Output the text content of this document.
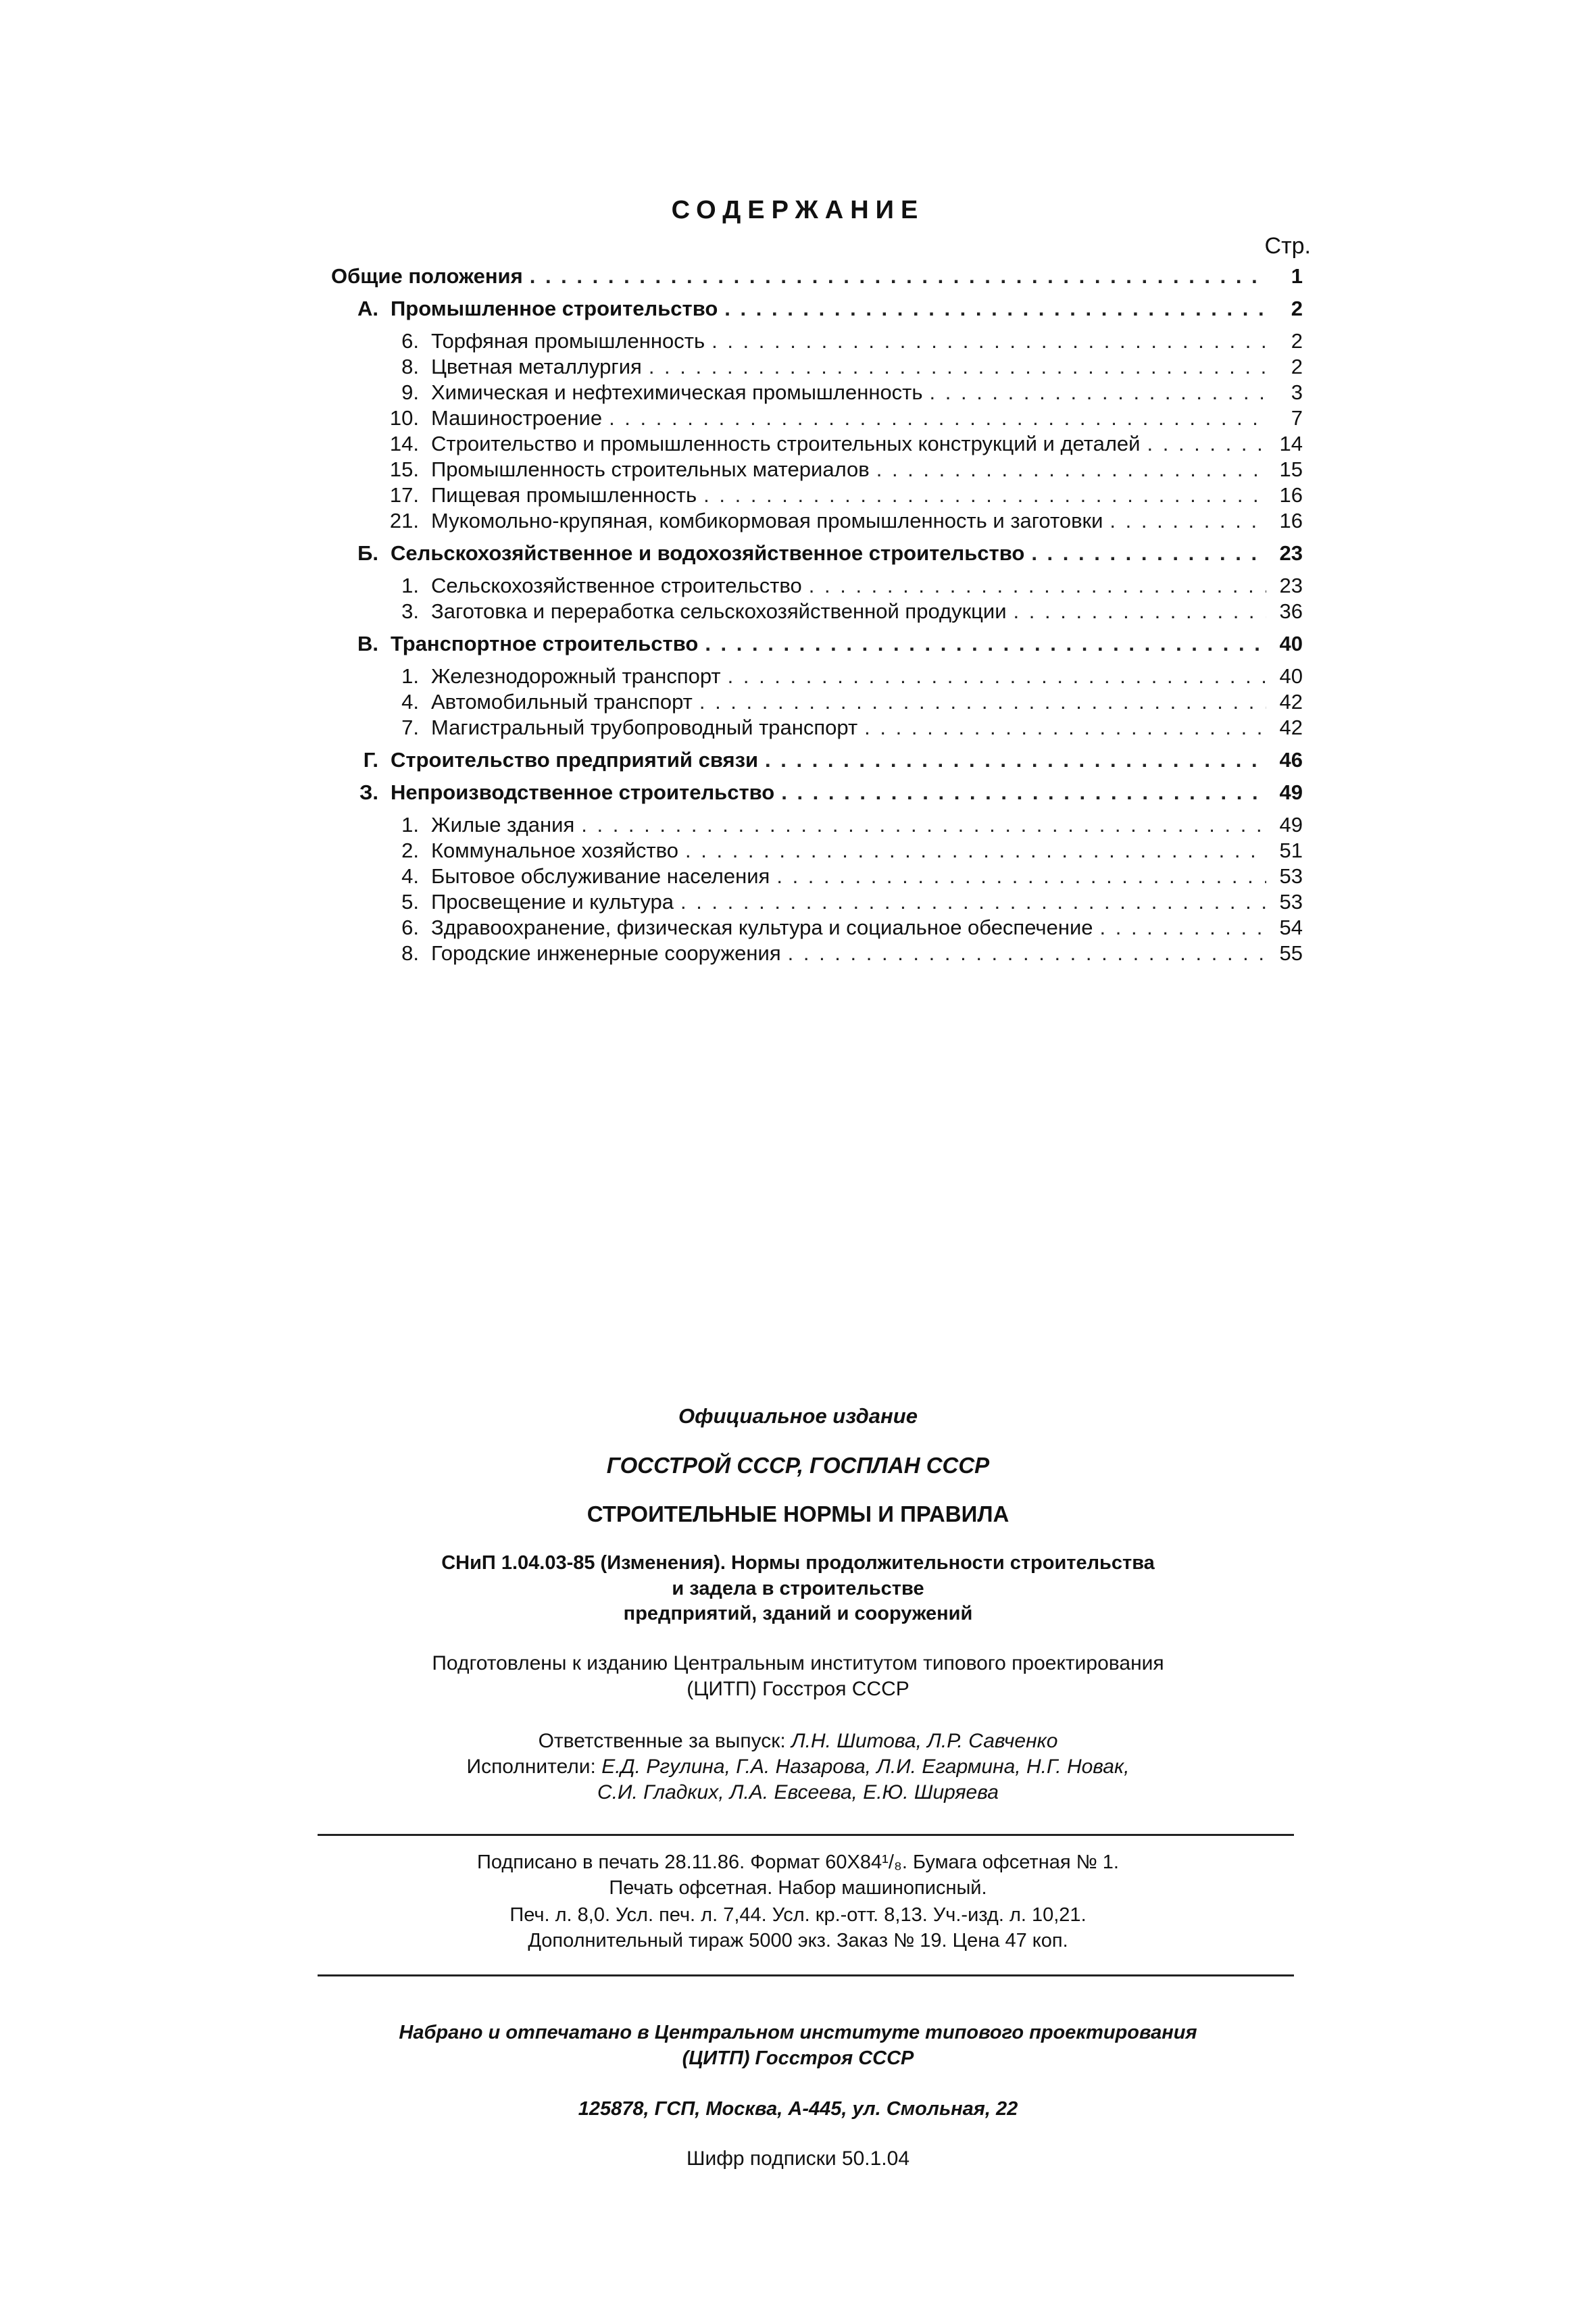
СОДЕРЖАНИЕ
Стр.
Общие положения . . .	1
А. Промышленное строительство . . .	2
6. Торфяная промышленность . . .	2
8. Цветная металлургия . . .	2
9. Химическая и нефтехимическая промышленность . . .	3
10. Машиностроение . . .	7
14. Строительство и промышленность строительных конструкций и деталей . . .	14
15. Промышленность строительных материалов . . .	15
17. Пищевая промышленность . . .	16
21. Мукомольно-крупяная, комбикормовая промышленность и заготовки . . .	16
Б. Сельскохозяйственное и водохозяйственное строительство . . .	23
1. Сельскохозяйственное строительство . . .	23
3. Заготовка и переработка сельскохозяйственной продукции . . .	36
В. Транспортное строительство . . .	40
1. Железнодорожный транспорт . . .	40
4. Автомобильный транспорт . . .	42
7. Магистральный трубопроводный транспорт . . .	42
Г. Строительство предприятий связи . . .	46
З. Непроизводственное строительство . . .	49
1. Жилые здания . . .	49
2. Коммунальное хозяйство . . .	51
4. Бытовое обслуживание населения . . .	53
5. Просвещение и культура . . .	53
6. Здравоохранение, физическая культура и социальное обеспечение . . .	54
8. Городские инженерные сооружения . . .	55
Официальное издание
ГОССТРОЙ СССР, ГОСПЛАН СССР
СТРОИТЕЛЬНЫЕ НОРМЫ И ПРАВИЛА
СНиП 1.04.03-85 (Изменения). Нормы продолжительности строительства
и задела в строительстве
предприятий, зданий и сооружений
Подготовлены к изданию Центральным институтом типового проектирования
(ЦИТП) Госстроя СССР
Ответственные за выпуск: Л.Н. Шитова, Л.Р. Савченко
Исполнители: Е.Д. Ргулина, Г.А. Назарова, Л.И. Егармина, Н.Г. Новак,
С.И. Гладких, Л.А. Евсеева, Е.Ю. Ширяева
Подписано в печать 28.11.86. Формат 60Х84¹/₈. Бумага офсетная № 1.
Печать офсетная. Набор машинописный.
Печ. л. 8,0. Усл. печ. л. 7,44. Усл. кр.-отт. 8,13. Уч.-изд. л. 10,21.
Дополнительный тираж 5000 экз. Заказ № 19. Цена 47 коп.
Набрано и отпечатано в Центральном институте типового проектирования
(ЦИТП) Госстроя СССР
125878, ГСП, Москва, А-445, ул. Смольная, 22
Шифр подписки 50.1.04
